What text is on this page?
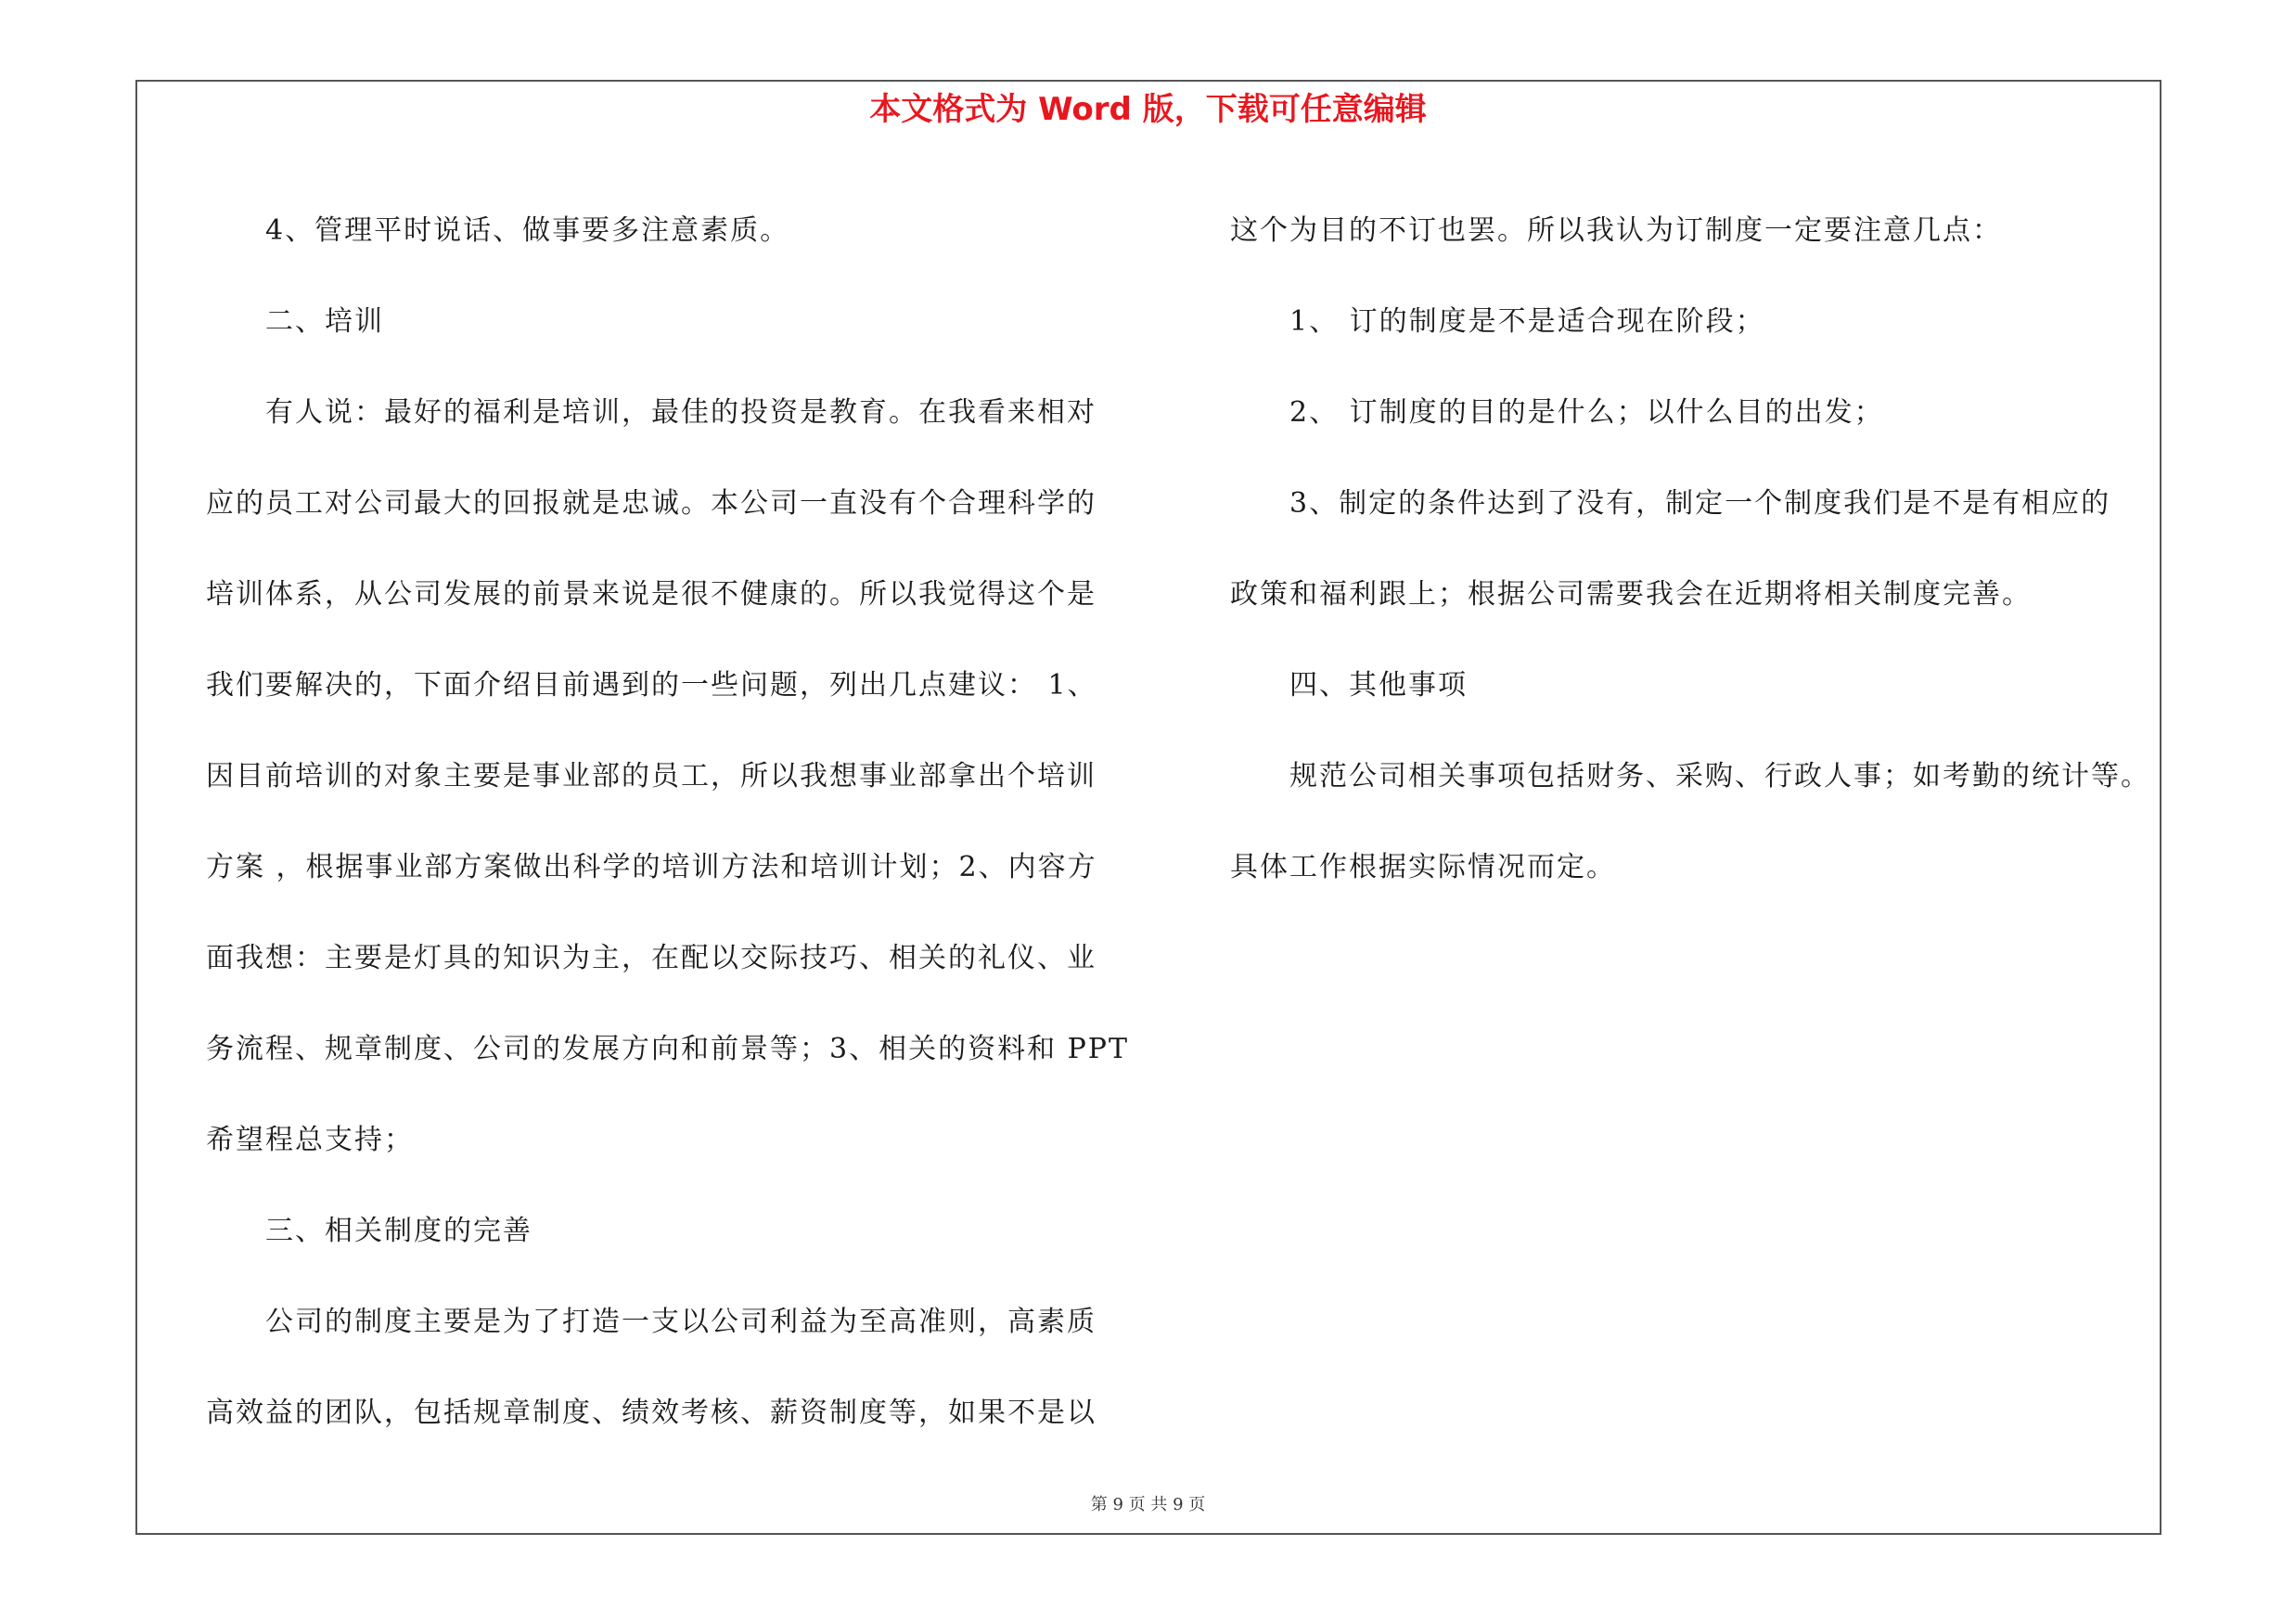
本文格式为 Word 版，下载可任意编辑

4、管理平时说话、做事要多注意素质。

二、培训

有人说：最好的福利是培训，最佳的投资是教育。在我看来相对

应的员工对公司最大的回报就是忠诚。本公司一直没有个合理科学的

培训体系，从公司发展的前景来说是很不健康的。所以我觉得这个是

我们要解决的，下面介绍目前遇到的一些问题，列出几点建议： 1、

因目前培训的对象主要是事业部的员工，所以我想事业部拿出个培训

方案 ，根据事业部方案做出科学的培训方法和培训计划；2、内容方

面我想：主要是灯具的知识为主，在配以交际技巧、相关的礼仪、业

务流程、规章制度、公司的发展方向和前景等；3、相关的资料和 PPT

希望程总支持；

三、相关制度的完善

公司的制度主要是为了打造一支以公司利益为至高准则，高素质

高效益的团队，包括规章制度、绩效考核、薪资制度等，如果不是以

这个为目的不订也罢。所以我认为订制度一定要注意几点：

1、 订的制度是不是适合现在阶段；

2、 订制度的目的是什么；以什么目的出发；

3、制定的条件达到了没有，制定一个制度我们是不是有相应的

政策和福利跟上；根据公司需要我会在近期将相关制度完善。

四、其他事项

规范公司相关事项包括财务、采购、行政人事；如考勤的统计等。

具体工作根据实际情况而定。

第 9 页 共 9 页
